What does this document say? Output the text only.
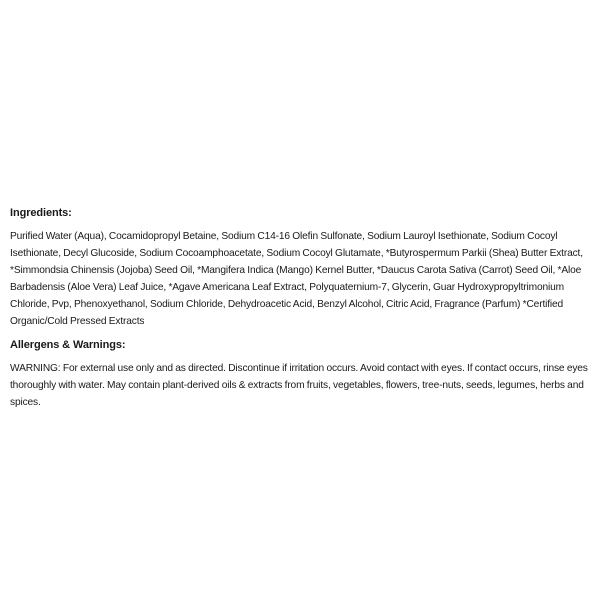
Ingredients:
Purified Water (Aqua), Cocamidopropyl Betaine, Sodium C14-16 Olefin Sulfonate, Sodium Lauroyl Isethionate, Sodium Cocoyl Isethionate, Decyl Glucoside, Sodium Cocoamphoacetate, Sodium Cocoyl Glutamate, *Butyrospermum Parkii (Shea) Butter Extract, *Simmondsia Chinensis (Jojoba) Seed Oil, *Mangifera Indica (Mango) Kernel Butter, *Daucus Carota Sativa (Carrot) Seed Oil, *Aloe Barbadensis (Aloe Vera) Leaf Juice, *Agave Americana Leaf Extract, Polyquaternium-7, Glycerin, Guar Hydroxypropyltrimonium Chloride, Pvp, Phenoxyethanol, Sodium Chloride, Dehydroacetic Acid, Benzyl Alcohol, Citric Acid, Fragrance (Parfum) *Certified Organic/Cold Pressed Extracts
Allergens & Warnings:
WARNING: For external use only and as directed. Discontinue if irritation occurs. Avoid contact with eyes. If contact occurs, rinse eyes thoroughly with water. May contain plant-derived oils & extracts from fruits, vegetables, flowers, tree-nuts, seeds, legumes, herbs and spices.
